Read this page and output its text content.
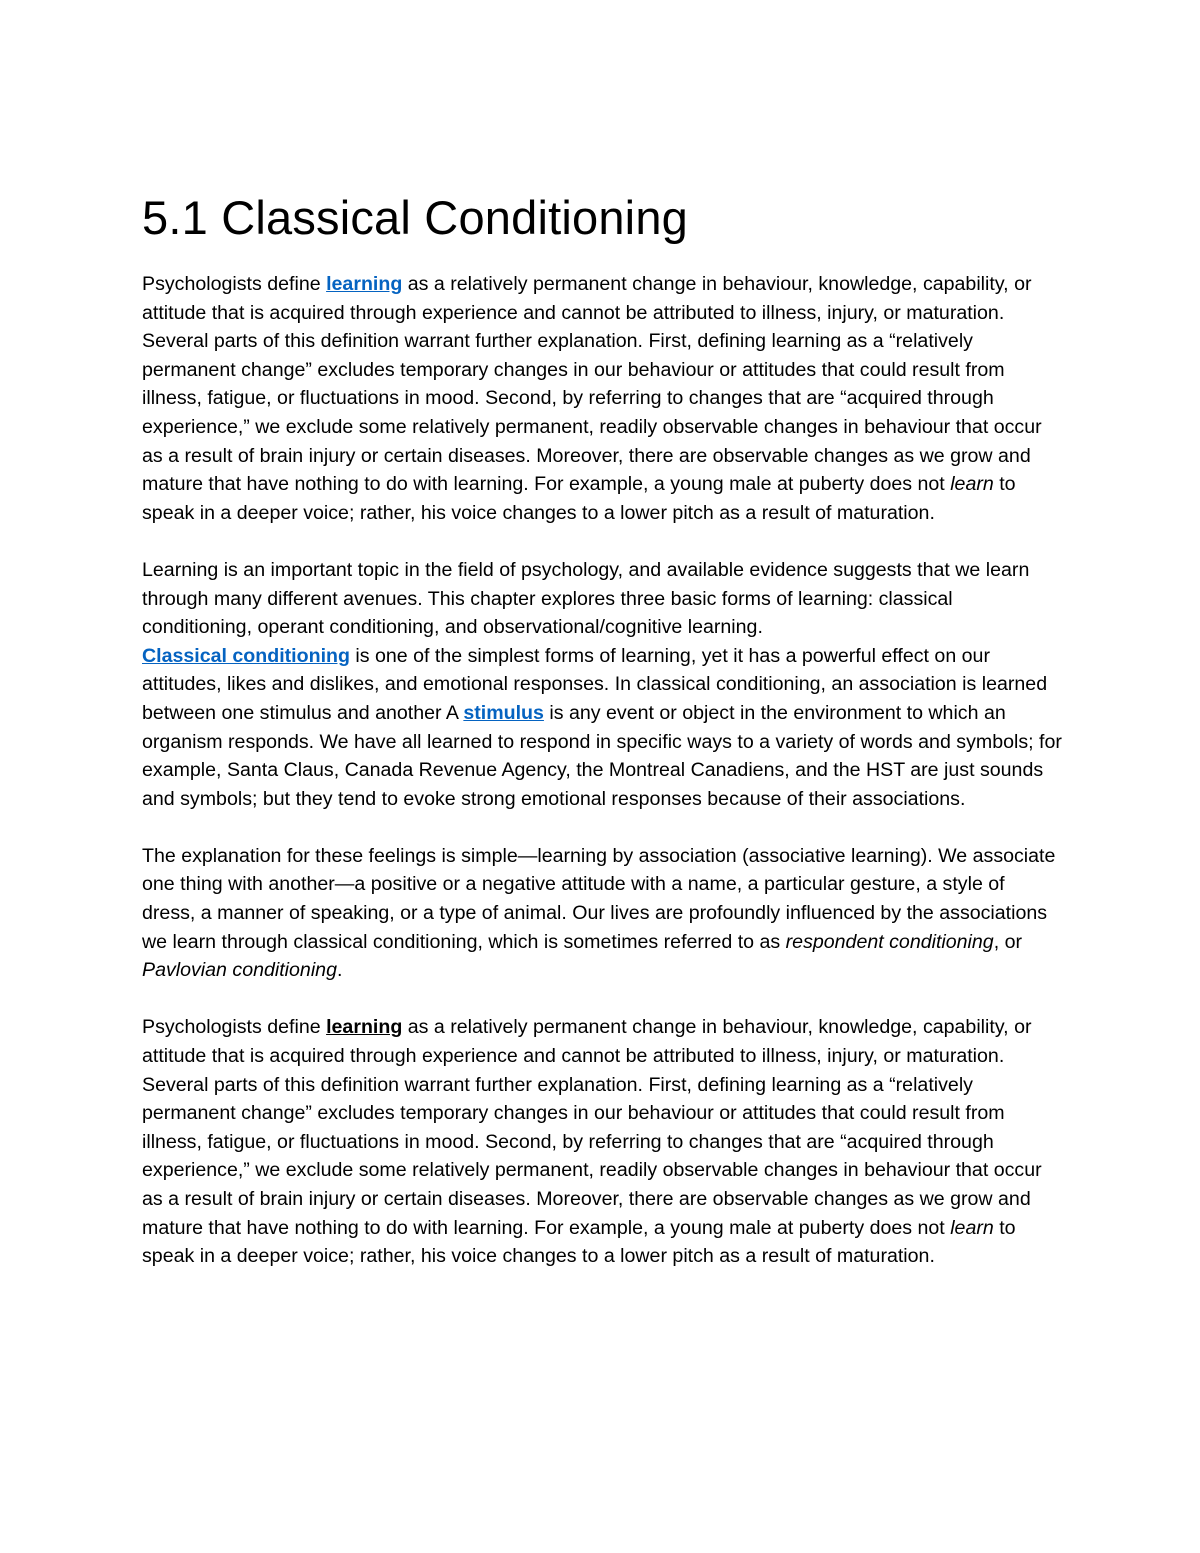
5.1 Classical Conditioning

Psychologists define learning as a relatively permanent change in behaviour, knowledge, capability, or attitude that is acquired through experience and cannot be attributed to illness, injury, or maturation. Several parts of this definition warrant further explanation. First, defining learning as a “relatively permanent change” excludes temporary changes in our behaviour or attitudes that could result from illness, fatigue, or fluctuations in mood. Second, by referring to changes that are “acquired through experience,” we exclude some relatively permanent, readily observable changes in behaviour that occur as a result of brain injury or certain diseases. Moreover, there are observable changes as we grow and mature that have nothing to do with learning. For example, a young male at puberty does not learn to speak in a deeper voice; rather, his voice changes to a lower pitch as a result of maturation.

Learning is an important topic in the field of psychology, and available evidence suggests that we learn through many different avenues. This chapter explores three basic forms of learning: classical conditioning, operant conditioning, and observational/cognitive learning.
Classical conditioning is one of the simplest forms of learning, yet it has a powerful effect on our attitudes, likes and dislikes, and emotional responses. In classical conditioning, an association is learned between one stimulus and another A stimulus is any event or object in the environment to which an organism responds. We have all learned to respond in specific ways to a variety of words and symbols; for example, Santa Claus, Canada Revenue Agency, the Montreal Canadiens, and the HST are just sounds and symbols; but they tend to evoke strong emotional responses because of their associations.

The explanation for these feelings is simple—learning by association (associative learning). We associate one thing with another—a positive or a negative attitude with a name, a particular gesture, a style of dress, a manner of speaking, or a type of animal. Our lives are profoundly influenced by the associations we learn through classical conditioning, which is sometimes referred to as respondent conditioning, or Pavlovian conditioning.

Psychologists define learning as a relatively permanent change in behaviour, knowledge, capability, or attitude that is acquired through experience and cannot be attributed to illness, injury, or maturation. Several parts of this definition warrant further explanation. First, defining learning as a “relatively permanent change” excludes temporary changes in our behaviour or attitudes that could result from illness, fatigue, or fluctuations in mood. Second, by referring to changes that are “acquired through experience,” we exclude some relatively permanent, readily observable changes in behaviour that occur as a result of brain injury or certain diseases. Moreover, there are observable changes as we grow and mature that have nothing to do with learning. For example, a young male at puberty does not learn to speak in a deeper voice; rather, his voice changes to a lower pitch as a result of maturation.
